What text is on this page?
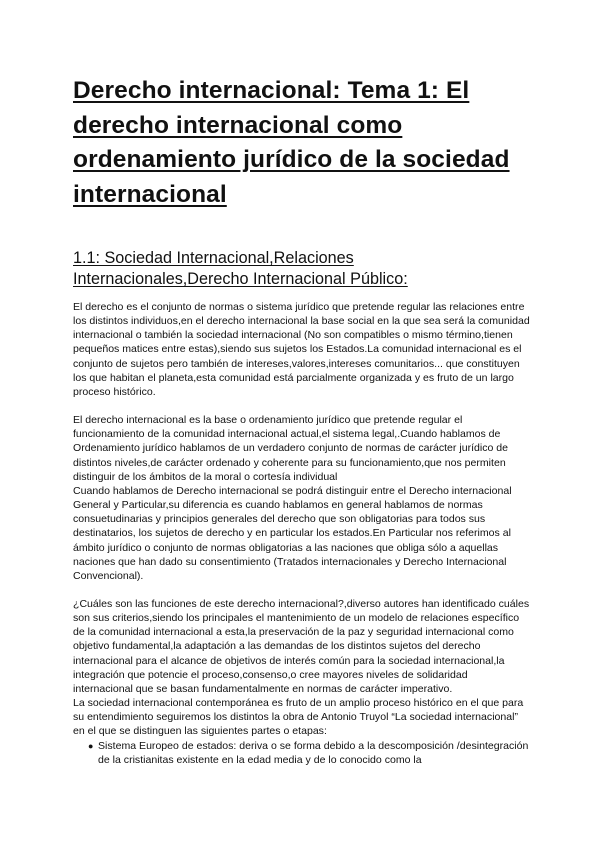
Derecho internacional: Tema 1: El derecho internacional como ordenamiento jurídico de la sociedad internacional
1.1: Sociedad Internacional,Relaciones Internacionales,Derecho Internacional Público:

El derecho es el conjunto de normas o sistema jurídico que pretende regular las relaciones entre los distintos individuos,en el derecho internacional la base social en la que sea será la comunidad internacional o también la sociedad internacional (No son compatibles o mismo término,tienen pequeños matices entre estas),siendo sus sujetos los Estados.La comunidad internacional es el conjunto de sujetos pero también de intereses,valores,intereses comunitarios... que constituyen los que habitan el planeta,esta comunidad está parcialmente organizada y es fruto de un largo proceso histórico.

El derecho internacional es la base o ordenamiento jurídico que pretende regular el funcionamiento de la comunidad internacional actual,el sistema legal,.Cuando hablamos de Ordenamiento jurídico hablamos de un verdadero conjunto de normas de carácter jurídico de distintos niveles,de carácter ordenado y coherente para su funcionamiento,que nos permiten distinguir de los ámbitos de la moral o cortesía individual

Cuando hablamos de Derecho internacional se podrá distinguir entre el Derecho internacional General y Particular,su diferencia es cuando hablamos en general hablamos de normas consuetudinarias y principios generales del derecho que son obligatorias para todos sus destinatarios, los sujetos de derecho y en particular los estados.En Particular nos referimos al ámbito jurídico o conjunto de normas obligatorias a las naciones que obliga sólo a aquellas naciones que han dado su consentimiento (Tratados internacionales y Derecho Internacional Convencional).

¿Cuáles son las funciones de este derecho internacional?,diverso autores han identificado cuáles son sus criterios,siendo los principales el mantenimiento de un modelo de relaciones específico de la comunidad internacional a esta,la preservación de la paz y seguridad internacional como objetivo fundamental,la adaptación a las demandas de los distintos sujetos del derecho internacional para el alcance de objetivos de interés común para la sociedad internacional,la integración que potencie el proceso,consenso,o cree mayores niveles de solidaridad internacional que se basan fundamentalmente en normas de carácter imperativo.

La sociedad internacional contemporánea es fruto de un amplio proceso histórico en el que para su entendimiento seguiremos los distintos la obra de Antonio Truyol “La sociedad internacional” en el que se distinguen las siguientes partes o etapas:

● Sistema Europeo de estados: deriva o se forma debido a la descomposición /desintegración de la cristianitas existente en la edad media y de lo conocido como la
